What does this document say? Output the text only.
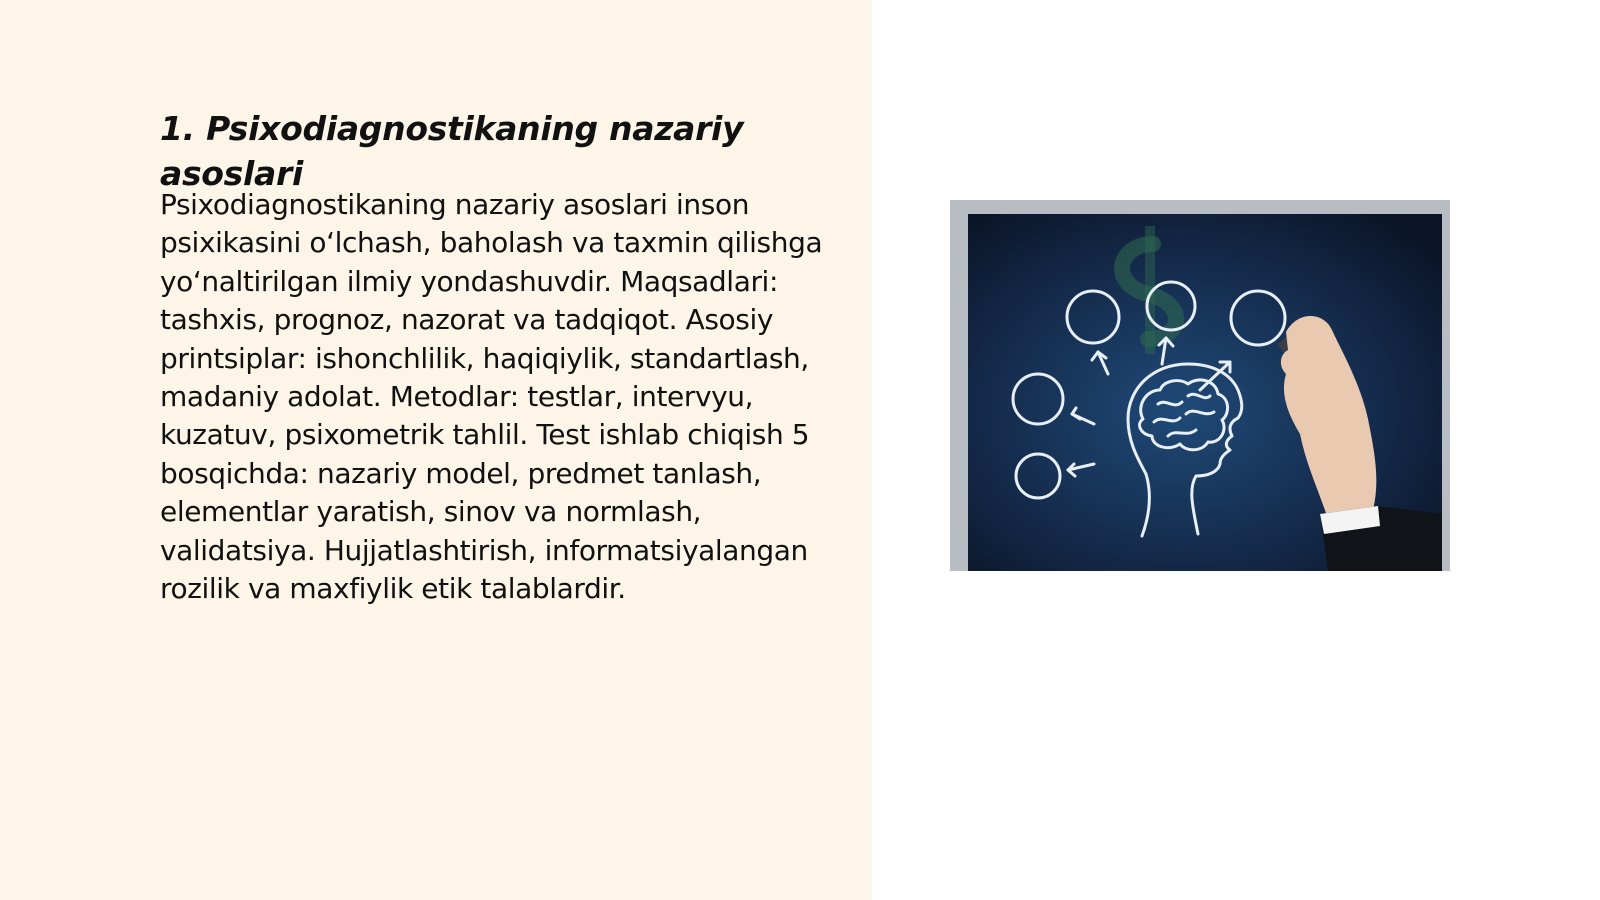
1. Psixodiagnostikaning nazariy asoslari

Psixodiagnostikaning nazariy asoslari inson psixikasini o‘lchash, baholash va taxmin qilishga yo‘naltirilgan ilmiy yondashuvdir. Maqsadlari: tashxis, prognoz, nazorat va tadqiqot. Asosiy printsiplar: ishonchlilik, haqiqiylik, standartlash, madaniy adolat. Metodlar: testlar, intervyu, kuzatuv, psixometrik tahlil. Test ishlab chiqish 5 bosqichda: nazariy model, predmet tanlash, elementlar yaratish, sinov va normlash, validatsiya. Hujjatlashtirish, informatsiyalangan rozilik va maxfiylik etik talablardir.
